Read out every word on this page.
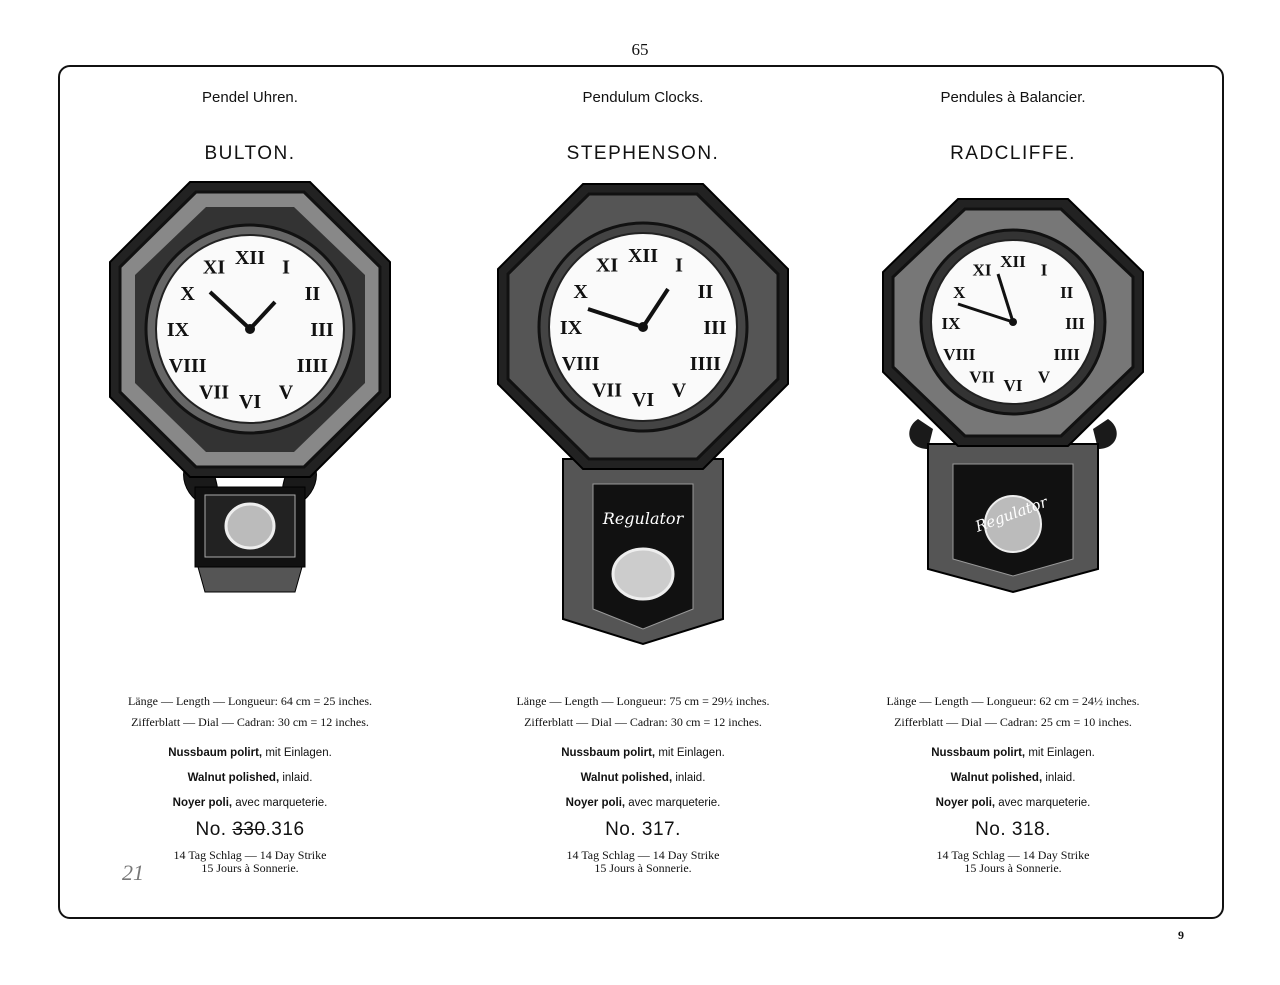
65
Pendel Uhren.
BULTON.
XII I
II
III
IIII
V
VI
VII
VIII
IX
X
XI
Länge — Length — Longueur: 64 cm = 25 inches.
Zifferblatt — Dial — Cadran: 30 cm = 12 inches.
Nussbaum polirt, mit Einlagen.
Walnut polished, inlaid.
Noyer poli, avec marqueterie.
No. 330.316
14 Tag Schlag — 14 Day Strike
15 Jours à Sonnerie.
Pendulum Clocks.
STEPHENSON.
Regulator
XII I
II
III
IIII
V
VI
VII
VIII
IX
X
XI
Länge — Length — Longueur: 75 cm = 29½ inches.
Zifferblatt — Dial — Cadran: 30 cm = 12 inches.
Nussbaum polirt, mit Einlagen.
Walnut polished, inlaid.
Noyer poli, avec marqueterie.
No. 317.
14 Tag Schlag — 14 Day Strike
15 Jours à Sonnerie.
Pendules à Balancier.
RADCLIFFE.
Regulator
XII I
II
III
IIII
V
VI
VII
VIII
IX
X
XI
Länge — Length — Longueur: 62 cm = 24½ inches.
Zifferblatt — Dial — Cadran: 25 cm = 10 inches.
Nussbaum polirt, mit Einlagen.
Walnut polished, inlaid.
Noyer poli, avec marqueterie.
No. 318.
14 Tag Schlag — 14 Day Strike
15 Jours à Sonnerie.
21
9
